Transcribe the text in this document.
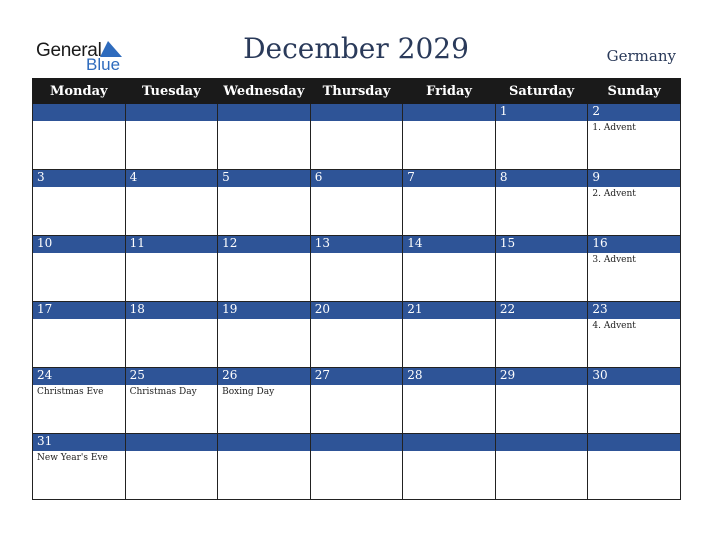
General
Blue	December 2029	Germany
Monday	Tuesday	Wednesday	Thursday	Friday	Saturday	Sunday
					1	2
						1. Advent
3	4	5	6	7	8	9
						2. Advent
10	11	12	13	14	15	16
						3. Advent
17	18	19	20	21	22	23
						4. Advent
24	25	26	27	28	29	30
Christmas Eve	Christmas Day	Boxing Day				
31						
New Year's Eve						
